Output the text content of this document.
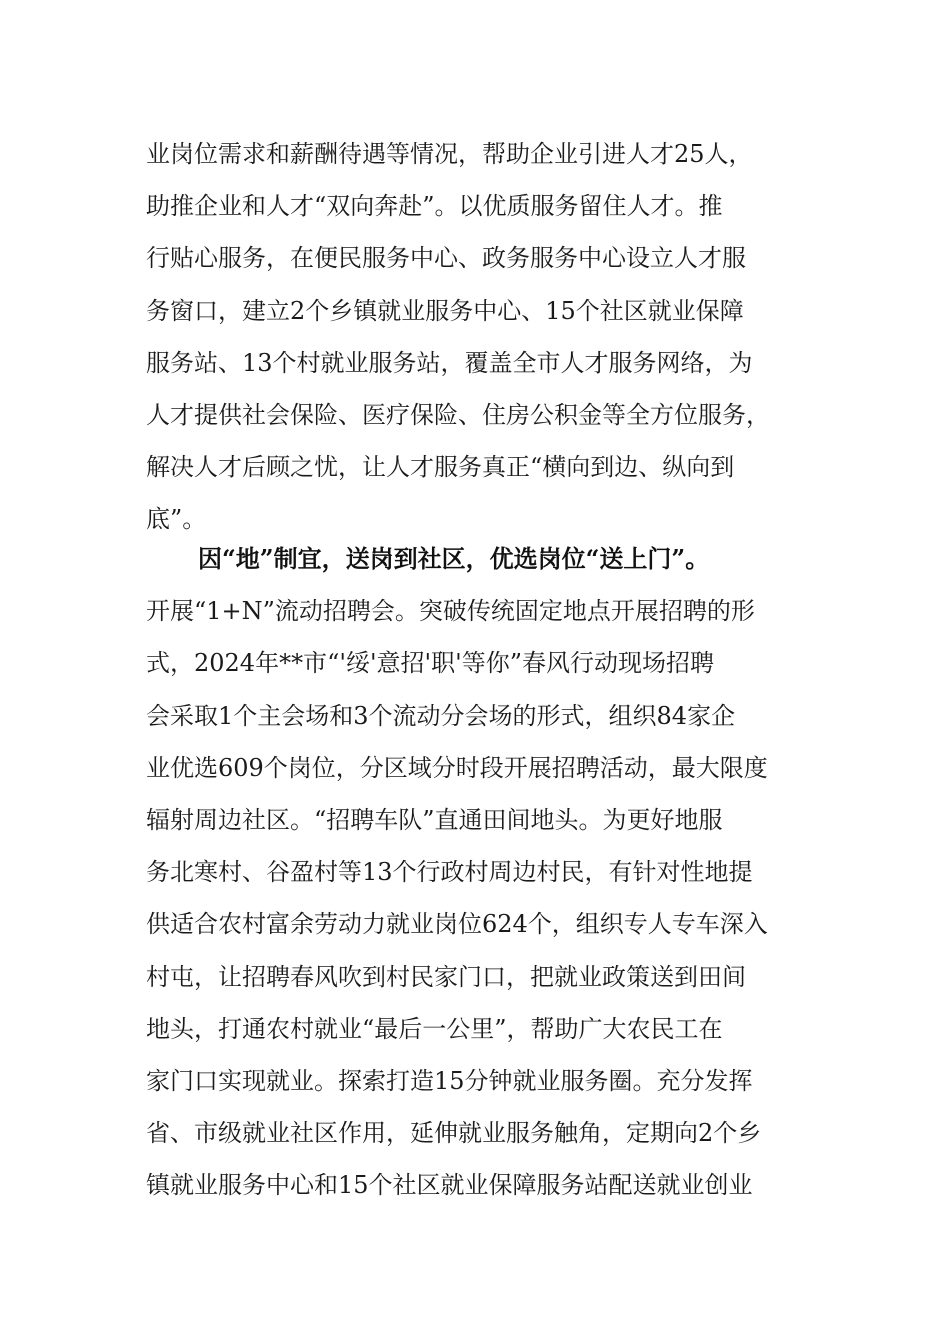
业岗位需求和薪酬待遇等情况，帮助企业引进人才25人，
助推企业和人才“双向奔赴”。以优质服务留住人才。推
行贴心服务，在便民服务中心、政务服务中心设立人才服
务窗口，建立2个乡镇就业服务中心、15个社区就业保障
服务站、13个村就业服务站，覆盖全市人才服务网络，为
人才提供社会保险、医疗保险、住房公积金等全方位服务，
解决人才后顾之忧，让人才服务真正“横向到边、纵向到
底”。
因“地”制宜，送岗到社区，优选岗位“送上门”。
开展“1+N”流动招聘会。突破传统固定地点开展招聘的形
式，2024年**市“'绥'意招'职'等你”春风行动现场招聘
会采取1个主会场和3个流动分会场的形式，组织84家企
业优选609个岗位，分区域分时段开展招聘活动，最大限度
辐射周边社区。“招聘车队”直通田间地头。为更好地服
务北寒村、谷盈村等13个行政村周边村民，有针对性地提
供适合农村富余劳动力就业岗位624个，组织专人专车深入
村屯，让招聘春风吹到村民家门口，把就业政策送到田间
地头，打通农村就业“最后一公里”，帮助广大农民工在
家门口实现就业。探索打造15分钟就业服务圈。充分发挥
省、市级就业社区作用，延伸就业服务触角，定期向2个乡
镇就业服务中心和15个社区就业保障服务站配送就业创业
